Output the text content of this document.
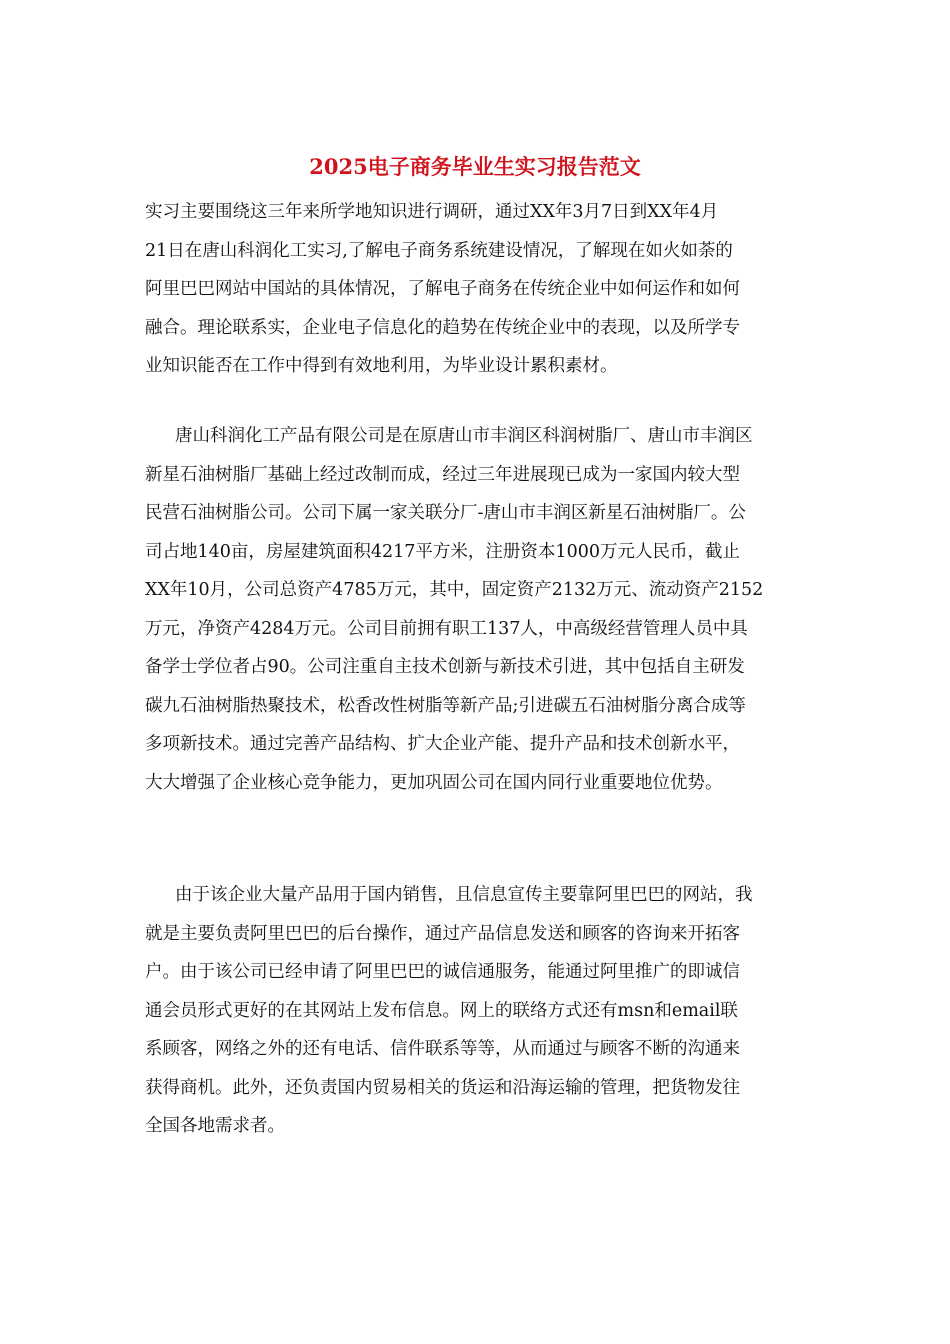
2025电子商务毕业生实习报告范文
实习主要围绕这三年来所学地知识进行调研，通过XX年3月7日到XX年4月
21日在唐山科润化工实习,了解电子商务系统建设情况，了解现在如火如荼的
阿里巴巴网站中国站的具体情况，了解电子商务在传统企业中如何运作和如何
融合。理论联系实，企业电子信息化的趋势在传统企业中的表现，以及所学专
业知识能否在工作中得到有效地利用，为毕业设计累积素材。
唐山科润化工产品有限公司是在原唐山市丰润区科润树脂厂、唐山市丰润区
新星石油树脂厂基础上经过改制而成，经过三年进展现已成为一家国内较大型
民营石油树脂公司。公司下属一家关联分厂-唐山市丰润区新星石油树脂厂。公
司占地140亩，房屋建筑面积4217平方米，注册资本1000万元人民币，截止
XX年10月，公司总资产4785万元，其中，固定资产2132万元、流动资产2152
万元，净资产4284万元。公司目前拥有职工137人，中高级经营管理人员中具
备学士学位者占90。公司注重自主技术创新与新技术引进，其中包括自主研发
碳九石油树脂热聚技术，松香改性树脂等新产品;引进碳五石油树脂分离合成等
多项新技术。通过完善产品结构、扩大企业产能、提升产品和技术创新水平，
大大增强了企业核心竞争能力，更加巩固公司在国内同行业重要地位优势。
由于该企业大量产品用于国内销售，且信息宣传主要靠阿里巴巴的网站，我
就是主要负责阿里巴巴的后台操作，通过产品信息发送和顾客的咨询来开拓客
户。由于该公司已经申请了阿里巴巴的诚信通服务，能通过阿里推广的即诚信
通会员形式更好的在其网站上发布信息。网上的联络方式还有msn和email联
系顾客，网络之外的还有电话、信件联系等等，从而通过与顾客不断的沟通来
获得商机。此外，还负责国内贸易相关的货运和沿海运输的管理，把货物发往
全国各地需求者。
